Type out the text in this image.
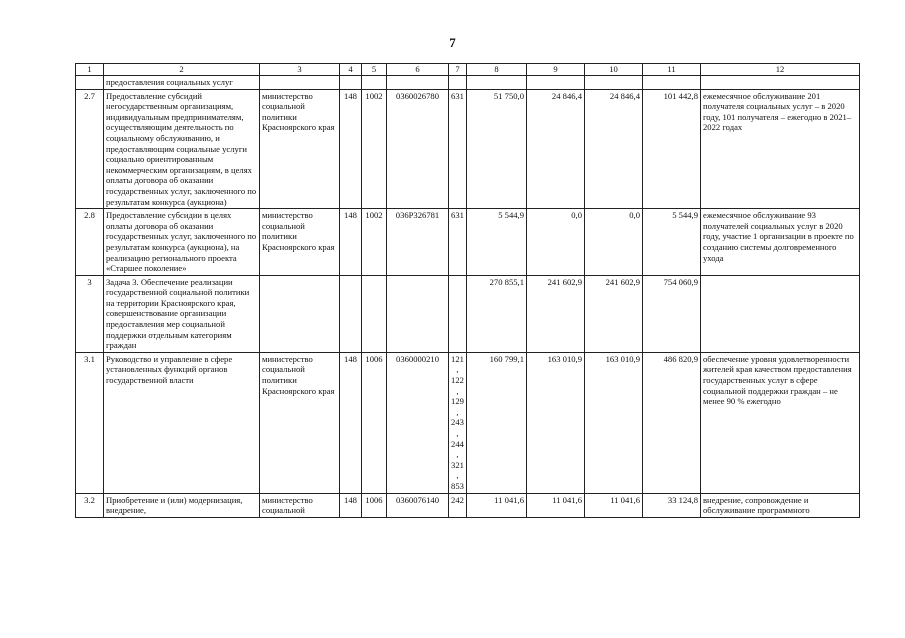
7
1	2	3	4	5	6	7	8	9	10	11	12
	предоставления социальных услуг										
2.7	Предоставление субсидий негосударственным организациям, индивидуальным предпринимателям, осуществляющим деятельность по социальному обслуживанию, и предоставляющим социальные услуги социально ориентированным некоммерческим организациям, в целях оплаты договора об оказании государственных услуг, заключенного по результатам конкурса (аукциона)	министерство социальной политики Красноярского края	148	1002	0360026780	631	51 750,0	24 846,4	24 846,4	101 442,8	ежемесячное обслуживание 201 получателя социальных услуг – в 2020 году, 101 получателя – ежегодно в 2021–2022 годах
2.8	Предоставление субсидии в целях оплаты договора об оказании государственных услуг, заключенного по результатам конкурса (аукциона), на реализацию регионального проекта «Старшее поколение»	министерство социальной политики Красноярского края	148	1002	036P326781	631	5 544,9	0,0	0,0	5 544,9	ежемесячное обслуживание 93 получателей социальных услуг в 2020 году, участие 1 организации в проекте по созданию системы долговременного ухода
3	Задача 3. Обеспечение реализации государственной социальной политики на территории Красноярского края, совершенствование организации предоставления мер социальной поддержки отдельным категориям граждан						270 855,1	241 602,9	241 602,9	754 060,9	
3.1	Руководство и управление в сфере установленных функций органов государственной власти	министерство социальной политики Красноярского края	148	1006	0360000210	121, 122, 129, 243, 244, 321, 853	160 799,1	163 010,9	163 010,9	486 820,9	обеспечение уровня удовлетворенности жителей края качеством предоставления государственных услуг в сфере социальной поддержки граждан – не менее 90 % ежегодно
3.2	Приобретение и (или) модернизация, внедрение,	министерство социальной	148	1006	0360076140	242	11 041,6	11 041,6	11 041,6	33 124,8	внедрение, сопровождение и обслуживание программного
